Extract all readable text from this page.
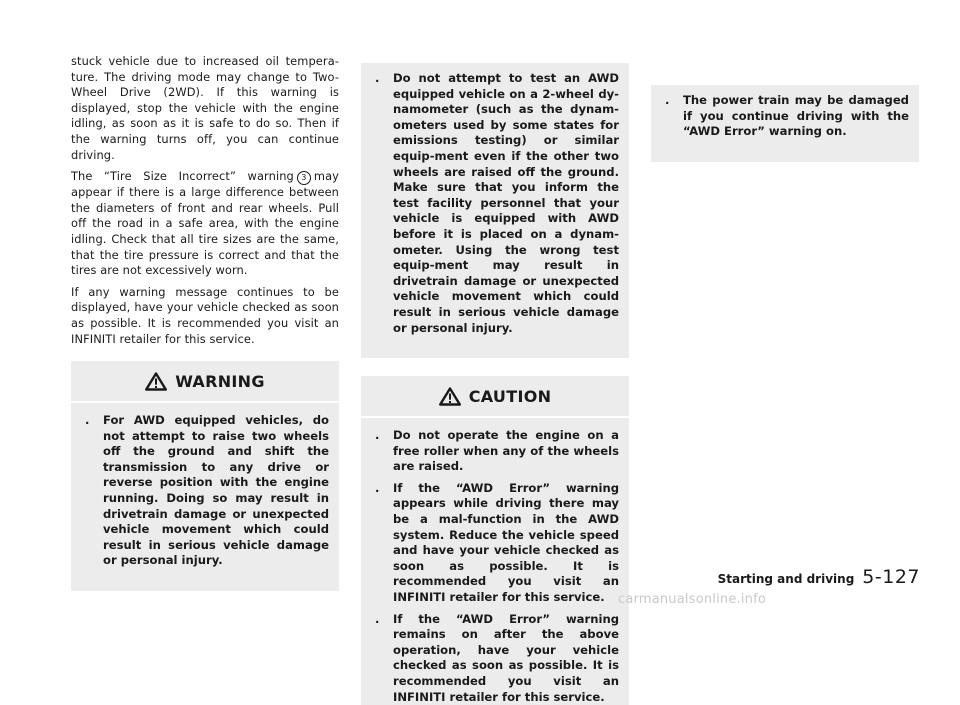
stuck vehicle due to increased oil tempera-ture. The driving mode may change to Two-Wheel Drive (2WD). If this warning is displayed, stop the vehicle with the engine idling, as soon as it is safe to do so. Then if the warning turns off, you can continue driving.

The “Tire Size Incorrect” warning 3 may appear if there is a large difference between the diameters of front and rear wheels. Pull off the road in a safe area, with the engine idling. Check that all tire sizes are the same, that the tire pressure is correct and that the tires are not excessively worn.

If any warning message continues to be displayed, have your vehicle checked as soon as possible. It is recommended you visit an INFINITI retailer for this service.

WARNING
.	For AWD equipped vehicles, do not attempt to raise two wheels off the ground and shift the transmission to any drive or reverse position with the engine running. Doing so may result in drivetrain damage or unexpected vehicle movement which could result in serious vehicle damage or personal injury.
.	Do not attempt to test an AWD equipped vehicle on a 2-wheel dy-namometer (such as the dynam-ometers used by some states for emissions testing) or similar equip-ment even if the other two wheels are raised off the ground. Make sure that you inform the test facility personnel that your vehicle is equipped with AWD before it is placed on a dynam-ometer. Using the wrong test equip-ment may result in drivetrain damage or unexpected vehicle movement which could result in serious vehicle damage or personal injury.
CAUTION
.	Do not operate the engine on a free roller when any of the wheels are raised.
.	If the “AWD Error” warning appears while driving there may be a mal-function in the AWD system. Reduce the vehicle speed and have your vehicle checked as soon as possible. It is recommended you visit an INFINITI retailer for this service.
.	If the “AWD Error” warning remains on after the above operation, have your vehicle checked as soon as possible. It is recommended you visit an INFINITI retailer for this service.
.	The power train may be damaged if you continue driving with the “AWD Error” warning on.
Starting and driving 5-127
carmanualsonline.info
